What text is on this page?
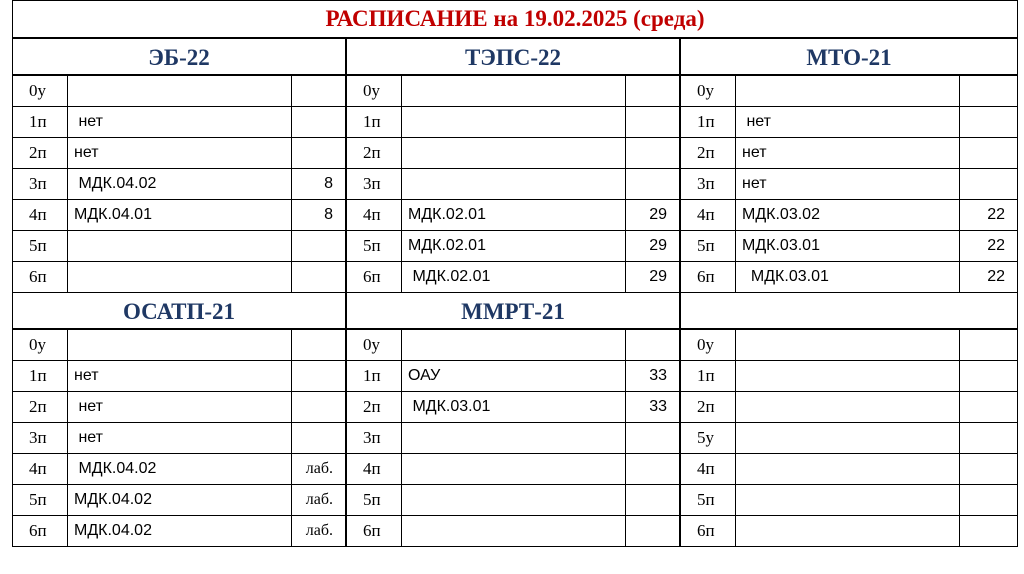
РАСПИСАНИЕ на 19.02.2025 (среда)
ЭБ-22
0у
1п	нет
2п	нет
3п	МДК.04.02	8
4п	МДК.04.01	8
5п
6п
ТЭПС-22
0у
1п
2п
3п
4п	МДК.02.01	29
5п	МДК.02.01	29
6п	МДК.02.01	29
МТО-21
0у
1п	нет
2п	нет
3п	нет
4п	МДК.03.02	22
5п	МДК.03.01	22
6п	МДК.03.01	22
ОСАТП-21
0у
1п	нет
2п	нет
3п	нет
4п	МДК.04.02	лаб.
5п	МДК.04.02	лаб.
6п	МДК.04.02	лаб.
ММРТ-21
0у
1п	ОАУ	33
2п	МДК.03.01	33
3п
4п
5п
6п
0у
1п
2п
5у
4п
5п
6п
